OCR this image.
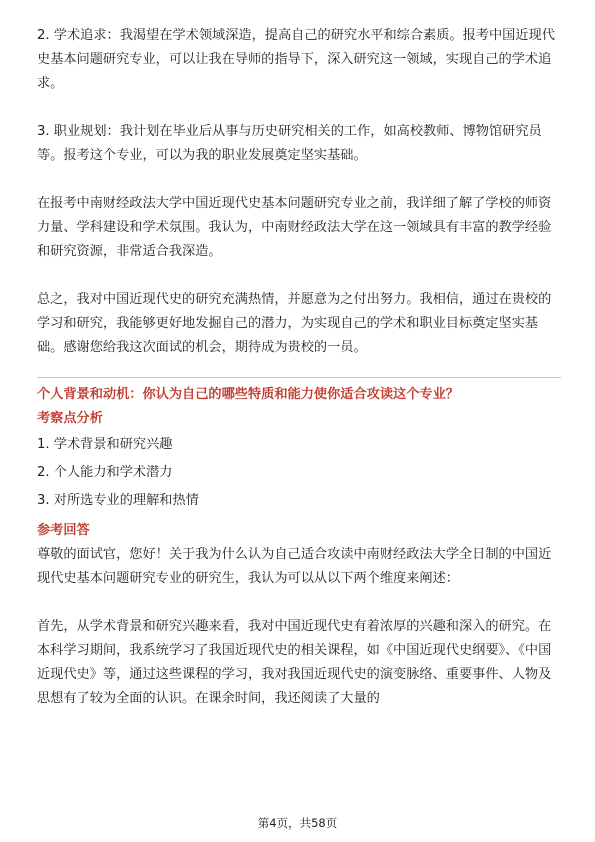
2. 学术追求：我渴望在学术领域深造，提高自己的研究水平和综合素质。报考中国近现代史基本问题研究专业，可以让我在导师的指导下，深入研究这一领域，实现自己的学术追求。

3. 职业规划：我计划在毕业后从事与历史研究相关的工作，如高校教师、博物馆研究员等。报考这个专业，可以为我的职业发展奠定坚实基础。

在报考中南财经政法大学中国近现代史基本问题研究专业之前，我详细了解了学校的师资力量、学科建设和学术氛围。我认为，中南财经政法大学在这一领域具有丰富的教学经验和研究资源，非常适合我深造。

总之，我对中国近现代史的研究充满热情，并愿意为之付出努力。我相信，通过在贵校的学习和研究，我能够更好地发掘自己的潜力，为实现自己的学术和职业目标奠定坚实基础。感谢您给我这次面试的机会，期待成为贵校的一员。

个人背景和动机：你认为自己的哪些特质和能力使你适合攻读这个专业？

考察点分析

1. 学术背景和研究兴趣

2. 个人能力和学术潜力

3. 对所选专业的理解和热情

参考回答

尊敬的面试官，您好！关于我为什么认为自己适合攻读中南财经政法大学全日制的中国近现代史基本问题研究专业的研究生，我认为可以从以下两个维度来阐述：

首先，从学术背景和研究兴趣来看，我对中国近现代史有着浓厚的兴趣和深入的研究。在本科学习期间，我系统学习了我国近现代史的相关课程，如《中国近现代史纲要》、《中国近现代史》等，通过这些课程的学习，我对我国近现代史的演变脉络、重要事件、人物及思想有了较为全面的认识。在课余时间，我还阅读了大量的

第4页，共58页
